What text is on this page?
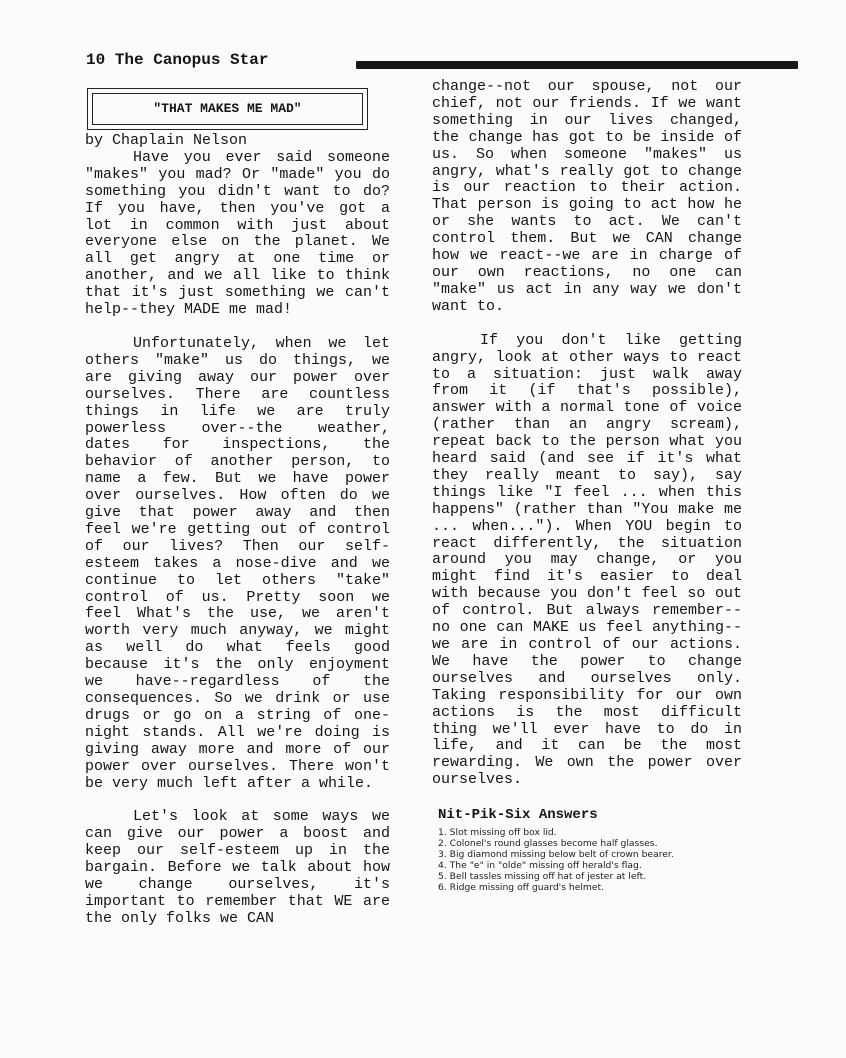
10 The Canopus Star
"THAT MAKES ME MAD"

by Chaplain Nelson

Have you ever said someone "makes" you mad? Or "made" you do something you didn't want to do? If you have, then you've got a lot in common with just about everyone else on the planet. We all get angry at one time or another, and we all like to think that it's just something we can't help--they MADE me mad!

Unfortunately, when we let others "make" us do things, we are giving away our power over ourselves. There are countless things in life we are truly powerless over--the weather, dates for inspections, the behavior of another person, to name a few. But we have power over ourselves. How often do we give that power away and then feel we're getting out of control of our lives? Then our self-esteem takes a nose-dive and we continue to let others "take" control of us. Pretty soon we feel What's the use, we aren't worth very much anyway, we might as well do what feels good because it's the only enjoyment we have--regardless of the consequences. So we drink or use drugs or go on a string of one-night stands. All we're doing is giving away more and more of our power over ourselves. There won't be very much left after a while.

Let's look at some ways we can give our power a boost and keep our self-esteem up in the bargain. Before we talk about how we change ourselves, it's important to remember that WE are the only folks we CAN

change--not our spouse, not our chief, not our friends. If we want something in our lives changed, the change has got to be inside of us. So when someone "makes" us angry, what's really got to change is our reaction to their action. That person is going to act how he or she wants to act. We can't control them. But we CAN change how we react--we are in charge of our own reactions, no one can "make" us act in any way we don't want to.

If you don't like getting angry, look at other ways to react to a situation: just walk away from it (if that's possible), answer with a normal tone of voice (rather than an angry scream), repeat back to the person what you heard said (and see if it's what they really meant to say), say things like "I feel ... when this happens" (rather than "You make me ... when..."). When YOU begin to react differently, the situation around you may change, or you might find it's easier to deal with because you don't feel so out of control. But always remember--no one can MAKE us feel anything--we are in control of our actions. We have the power to change ourselves and ourselves only. Taking responsibility for our own actions is the most difficult thing we'll ever have to do in life, and it can be the most rewarding. We own the power over ourselves.

Nit-Pik-Six Answers
1. Slot missing off box lid.
2. Colonel's round glasses become half glasses.
3. Big diamond missing below belt of crown bearer.
4. The "e" in "olde" missing off herald's flag.
5. Bell tassles missing off hat of jester at left.
6. Ridge missing off guard's helmet.
